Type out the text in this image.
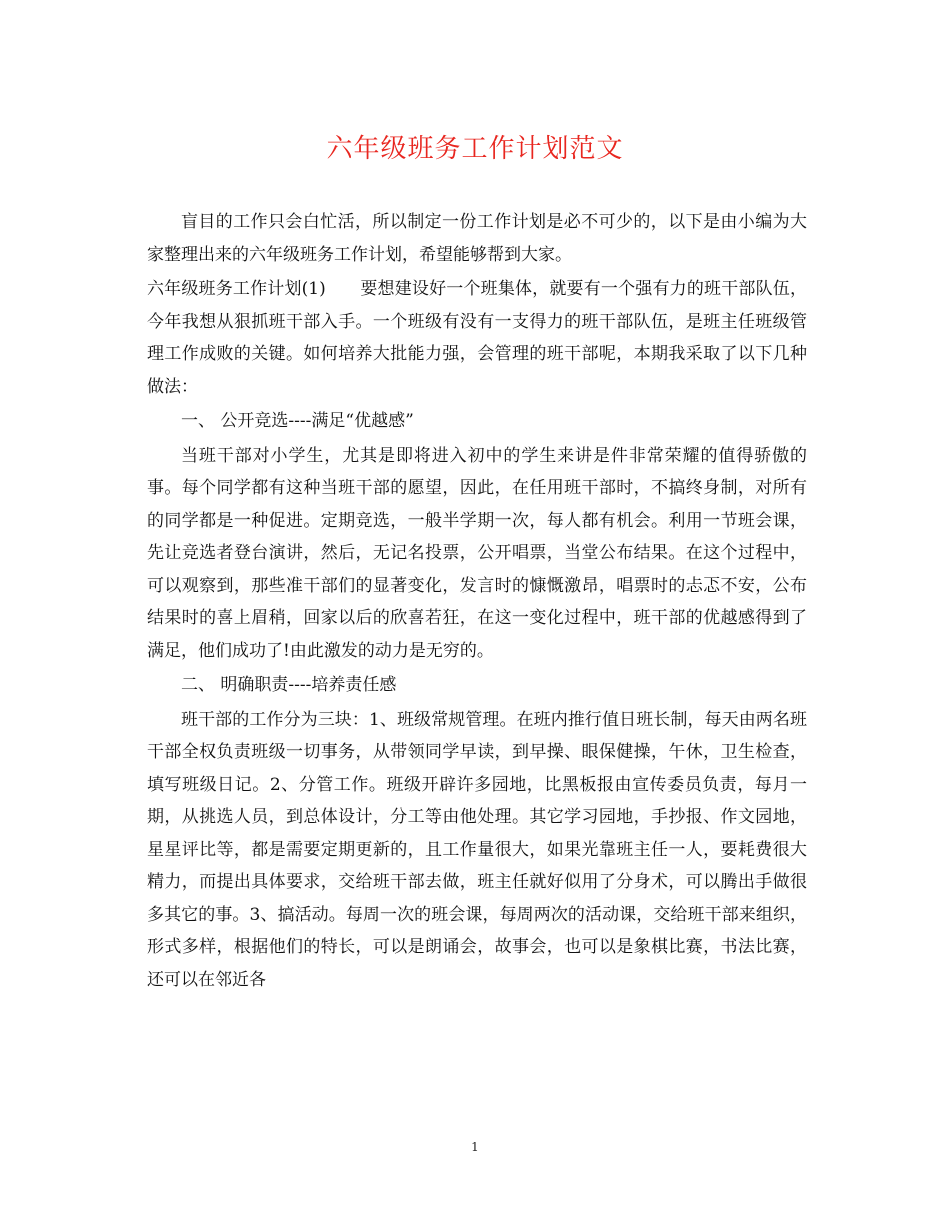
六年级班务工作计划范文

盲目的工作只会白忙活，所以制定一份工作计划是必不可少的，以下是由小编为大家整理出来的六年级班务工作计划，希望能够帮到大家。

六年级班务工作计划(1)　　要想建设好一个班集体，就要有一个强有力的班干部队伍，今年我想从狠抓班干部入手。一个班级有没有一支得力的班干部队伍，是班主任班级管理工作成败的关键。如何培养大批能力强，会管理的班干部呢，本期我采取了以下几种做法：

一、 公开竞选----满足“优越感”

当班干部对小学生，尤其是即将进入初中的学生来讲是件非常荣耀的值得骄傲的事。每个同学都有这种当班干部的愿望，因此，在任用班干部时，不搞终身制，对所有的同学都是一种促进。定期竞选，一般半学期一次，每人都有机会。利用一节班会课，先让竞选者登台演讲，然后，无记名投票，公开唱票，当堂公布结果。在这个过程中，可以观察到，那些准干部们的显著变化，发言时的慷慨激昂，唱票时的忐忑不安，公布结果时的喜上眉稍，回家以后的欣喜若狂，在这一变化过程中，班干部的优越感得到了满足，他们成功了!由此激发的动力是无穷的。

二、 明确职责----培养责任感

班干部的工作分为三块：1、班级常规管理。在班内推行值日班长制，每天由两名班干部全权负责班级一切事务，从带领同学早读，到早操、眼保健操，午休，卫生检查，填写班级日记。2、分管工作。班级开辟许多园地，比黑板报由宣传委员负责，每月一期，从挑选人员，到总体设计，分工等由他处理。其它学习园地，手抄报、作文园地，星星评比等，都是需要定期更新的，且工作量很大，如果光靠班主任一人，要耗费很大精力，而提出具体要求，交给班干部去做，班主任就好似用了分身术，可以腾出手做很多其它的事。3、搞活动。每周一次的班会课，每周两次的活动课，交给班干部来组织，形式多样，根据他们的特长，可以是朗诵会，故事会，也可以是象棋比赛，书法比赛，还可以在邻近各

1
